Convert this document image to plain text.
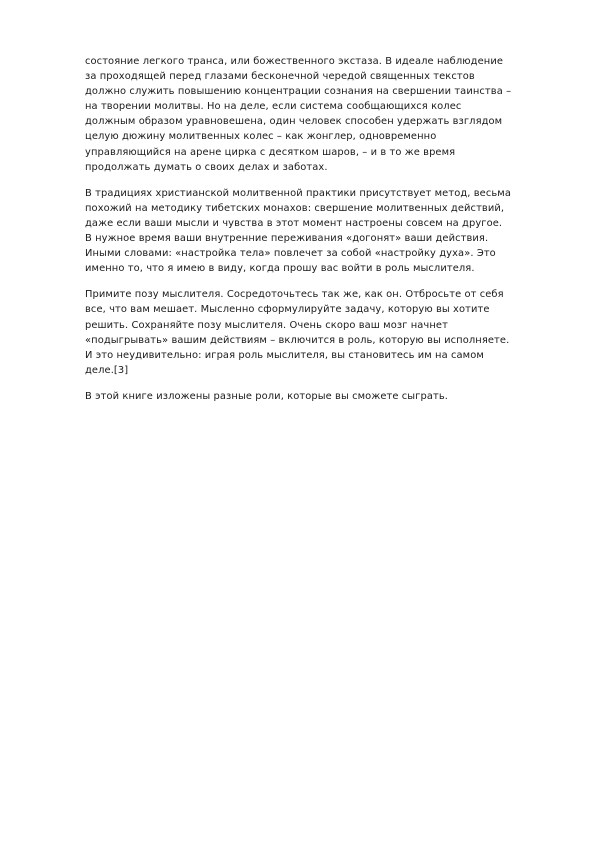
состояние легкого транса, или божественного экстаза. В идеале наблюдение
за проходящей перед глазами бесконечной чередой священных текстов
должно служить повышению концентрации сознания на свершении таинства –
на творении молитвы. Но на деле, если система сообщающихся колес
должным образом уравновешена, один человек способен удержать взглядом
целую дюжину молитвенных колес – как жонглер, одновременно
управляющийся на арене цирка с десятком шаров, – и в то же время
продолжать думать о своих делах и заботах.

В традициях христианской молитвенной практики присутствует метод, весьма
похожий на методику тибетских монахов: свершение молитвенных действий,
даже если ваши мысли и чувства в этот момент настроены совсем на другое.
В нужное время ваши внутренние переживания «догонят» ваши действия.
Иными словами: «настройка тела» повлечет за собой «настройку духа». Это
именно то, что я имею в виду, когда прошу вас войти в роль мыслителя.

Примите позу мыслителя. Сосредоточьтесь так же, как он. Отбросьте от себя
все, что вам мешает. Мысленно сформулируйте задачу, которую вы хотите
решить. Сохраняйте позу мыслителя. Очень скоро ваш мозг начнет
«подыгрывать» вашим действиям – включится в роль, которую вы исполняете.
И это неудивительно: играя роль мыслителя, вы становитесь им на самом
деле.[3]

В этой книге изложены разные роли, которые вы сможете сыграть.
